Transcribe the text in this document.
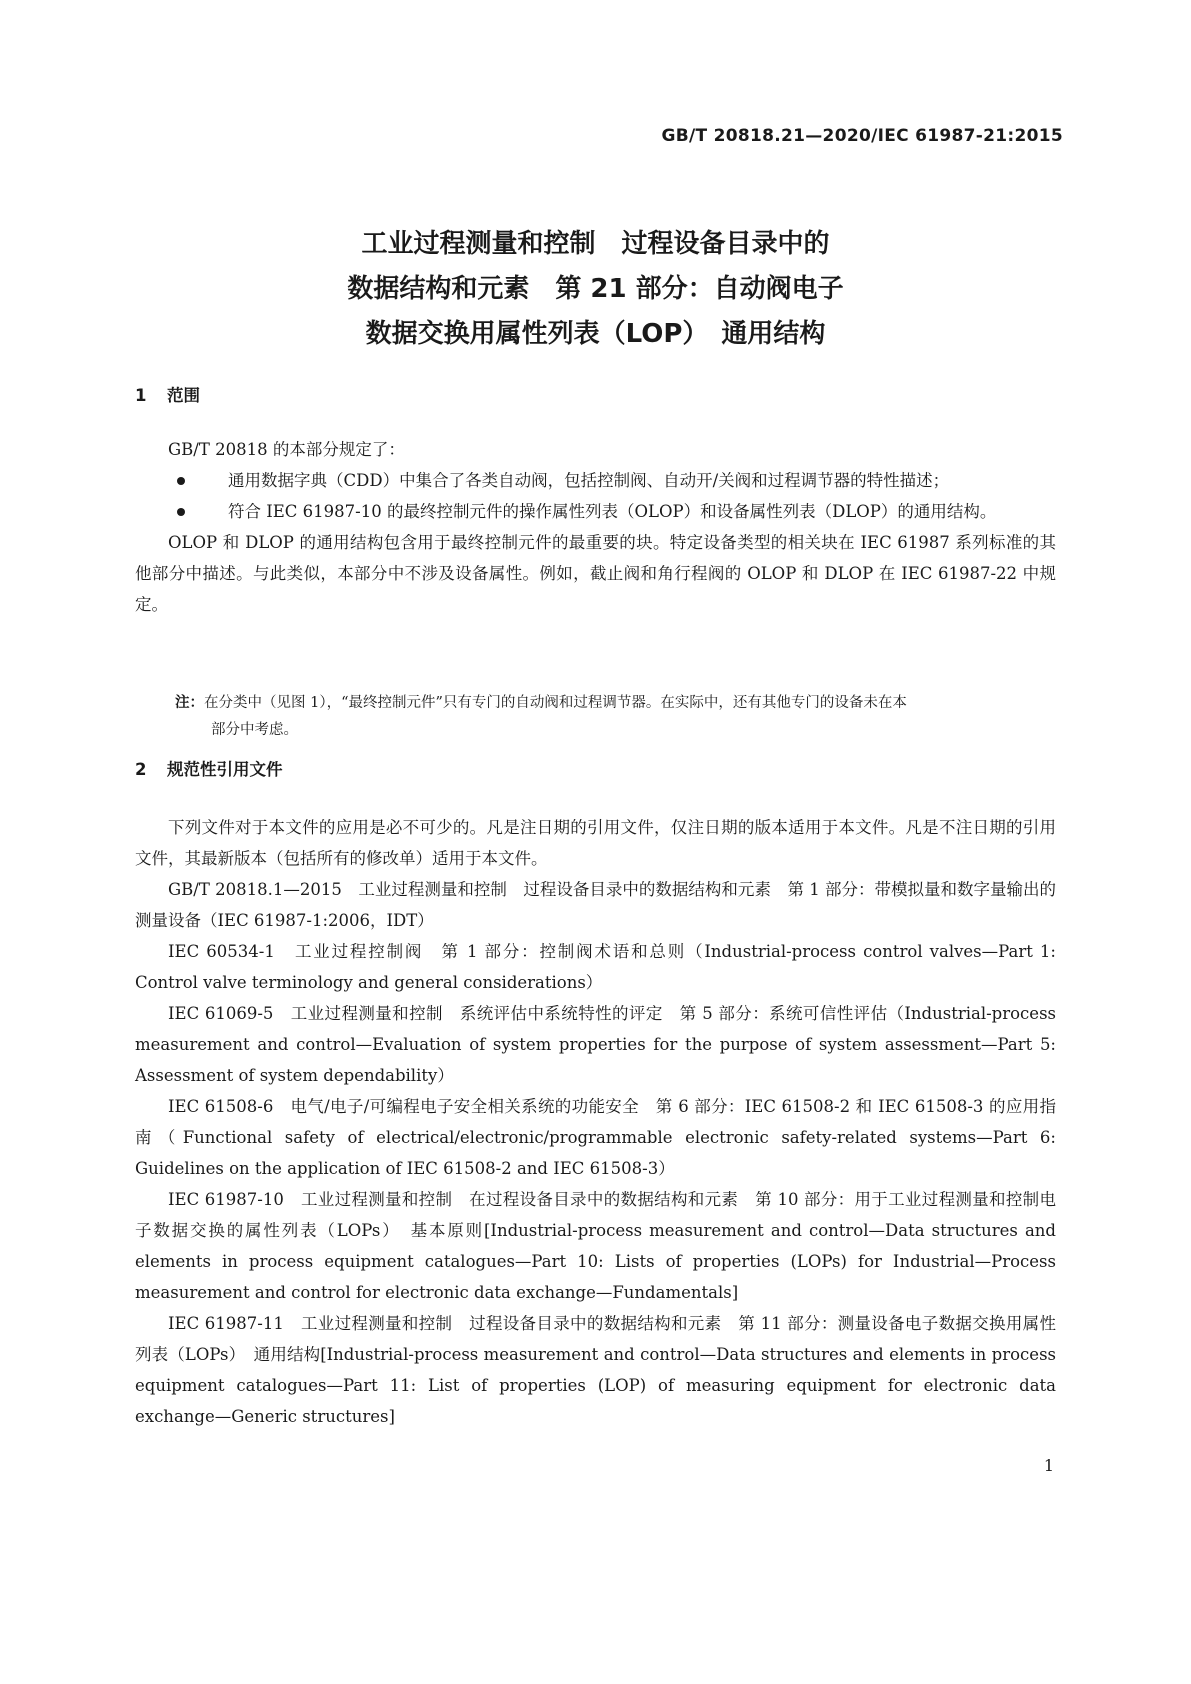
GB/T 20818.21—2020/IEC 61987-21:2015
工业过程测量和控制　过程设备目录中的
数据结构和元素　第 21 部分：自动阀电子
数据交换用属性列表（LOP）　通用结构
1 范围

GB/T 20818 的本部分规定了：

通用数据字典（CDD）中集合了各类自动阀，包括控制阀、自动开/关阀和过程调节器的特性描述；

符合 IEC 61987-10 的最终控制元件的操作属性列表（OLOP）和设备属性列表（DLOP）的通用结构。

OLOP 和 DLOP 的通用结构包含用于最终控制元件的最重要的块。特定设备类型的相关块在 IEC 61987 系列标准的其他部分中描述。与此类似，本部分中不涉及设备属性。例如，截止阀和角行程阀的 OLOP 和 DLOP 在 IEC 61987-22 中规定。

注：在分类中（见图 1），“最终控制元件”只有专门的自动阀和过程调节器。在实际中，还有其他专门的设备未在本
部分中考虑。
2 规范性引用文件

下列文件对于本文件的应用是必不可少的。凡是注日期的引用文件，仅注日期的版本适用于本文件。凡是不注日期的引用文件，其最新版本（包括所有的修改单）适用于本文件。

GB/T 20818.1—2015　工业过程测量和控制　过程设备目录中的数据结构和元素　第 1 部分：带模拟量和数字量输出的测量设备（IEC 61987-1:2006，IDT）

IEC 60534-1　工业过程控制阀　第 1 部分：控制阀术语和总则（Industrial-process control valves—Part 1: Control valve terminology and general considerations）

IEC 61069-5　工业过程测量和控制　系统评估中系统特性的评定　第 5 部分：系统可信性评估（Industrial-process measurement and control—Evaluation of system properties for the purpose of system assessment—Part 5: Assessment of system dependability）

IEC 61508-6　电气/电子/可编程电子安全相关系统的功能安全　第 6 部分：IEC 61508-2 和 IEC 61508-3 的应用指南（Functional safety of electrical/electronic/programmable electronic safety-related systems—Part 6: Guidelines on the application of IEC 61508-2 and IEC 61508-3）

IEC 61987-10　工业过程测量和控制　在过程设备目录中的数据结构和元素　第 10 部分：用于工业过程测量和控制电子数据交换的属性列表（LOPs）　基本原则[Industrial-process measurement and control—Data structures and elements in process equipment catalogues—Part 10: Lists of properties (LOPs) for Industrial—Process measurement and control for electronic data exchange—Fundamentals]

IEC 61987-11　工业过程测量和控制　过程设备目录中的数据结构和元素　第 11 部分：测量设备电子数据交换用属性列表（LOPs）　通用结构[Industrial-process measurement and control—Data structures and elements in process equipment catalogues—Part 11: List of properties (LOP) of measuring equipment for electronic data exchange—Generic structures]

1
